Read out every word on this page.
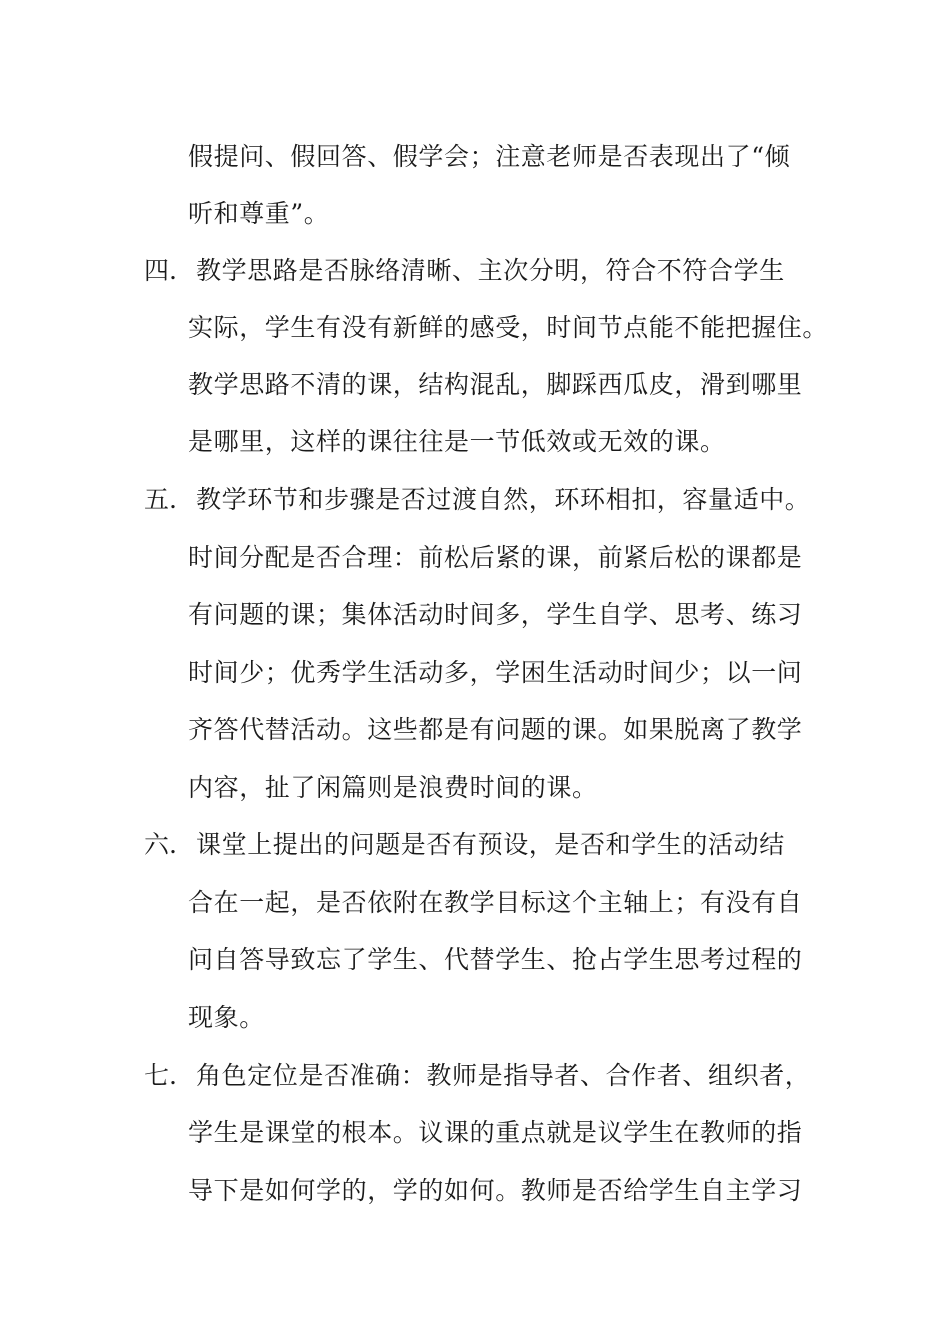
假提问、假回答、假学会；注意老师是否表现出了“倾
听和尊重”。
四. 教学思路是否脉络清晰、主次分明，符合不符合学生
实际，学生有没有新鲜的感受，时间节点能不能把握住。
教学思路不清的课，结构混乱，脚踩西瓜皮，滑到哪里
是哪里，这样的课往往是一节低效或无效的课。
五. 教学环节和步骤是否过渡自然，环环相扣，容量适中。
时间分配是否合理：前松后紧的课，前紧后松的课都是
有问题的课；集体活动时间多，学生自学、思考、练习
时间少；优秀学生活动多，学困生活动时间少；以一问
齐答代替活动。这些都是有问题的课。如果脱离了教学
内容，扯了闲篇则是浪费时间的课。
六. 课堂上提出的问题是否有预设，是否和学生的活动结
合在一起，是否依附在教学目标这个主轴上；有没有自
问自答导致忘了学生、代替学生、抢占学生思考过程的
现象。
七. 角色定位是否准确：教师是指导者、合作者、组织者，
学生是课堂的根本。议课的重点就是议学生在教师的指
导下是如何学的，学的如何。教师是否给学生自主学习
